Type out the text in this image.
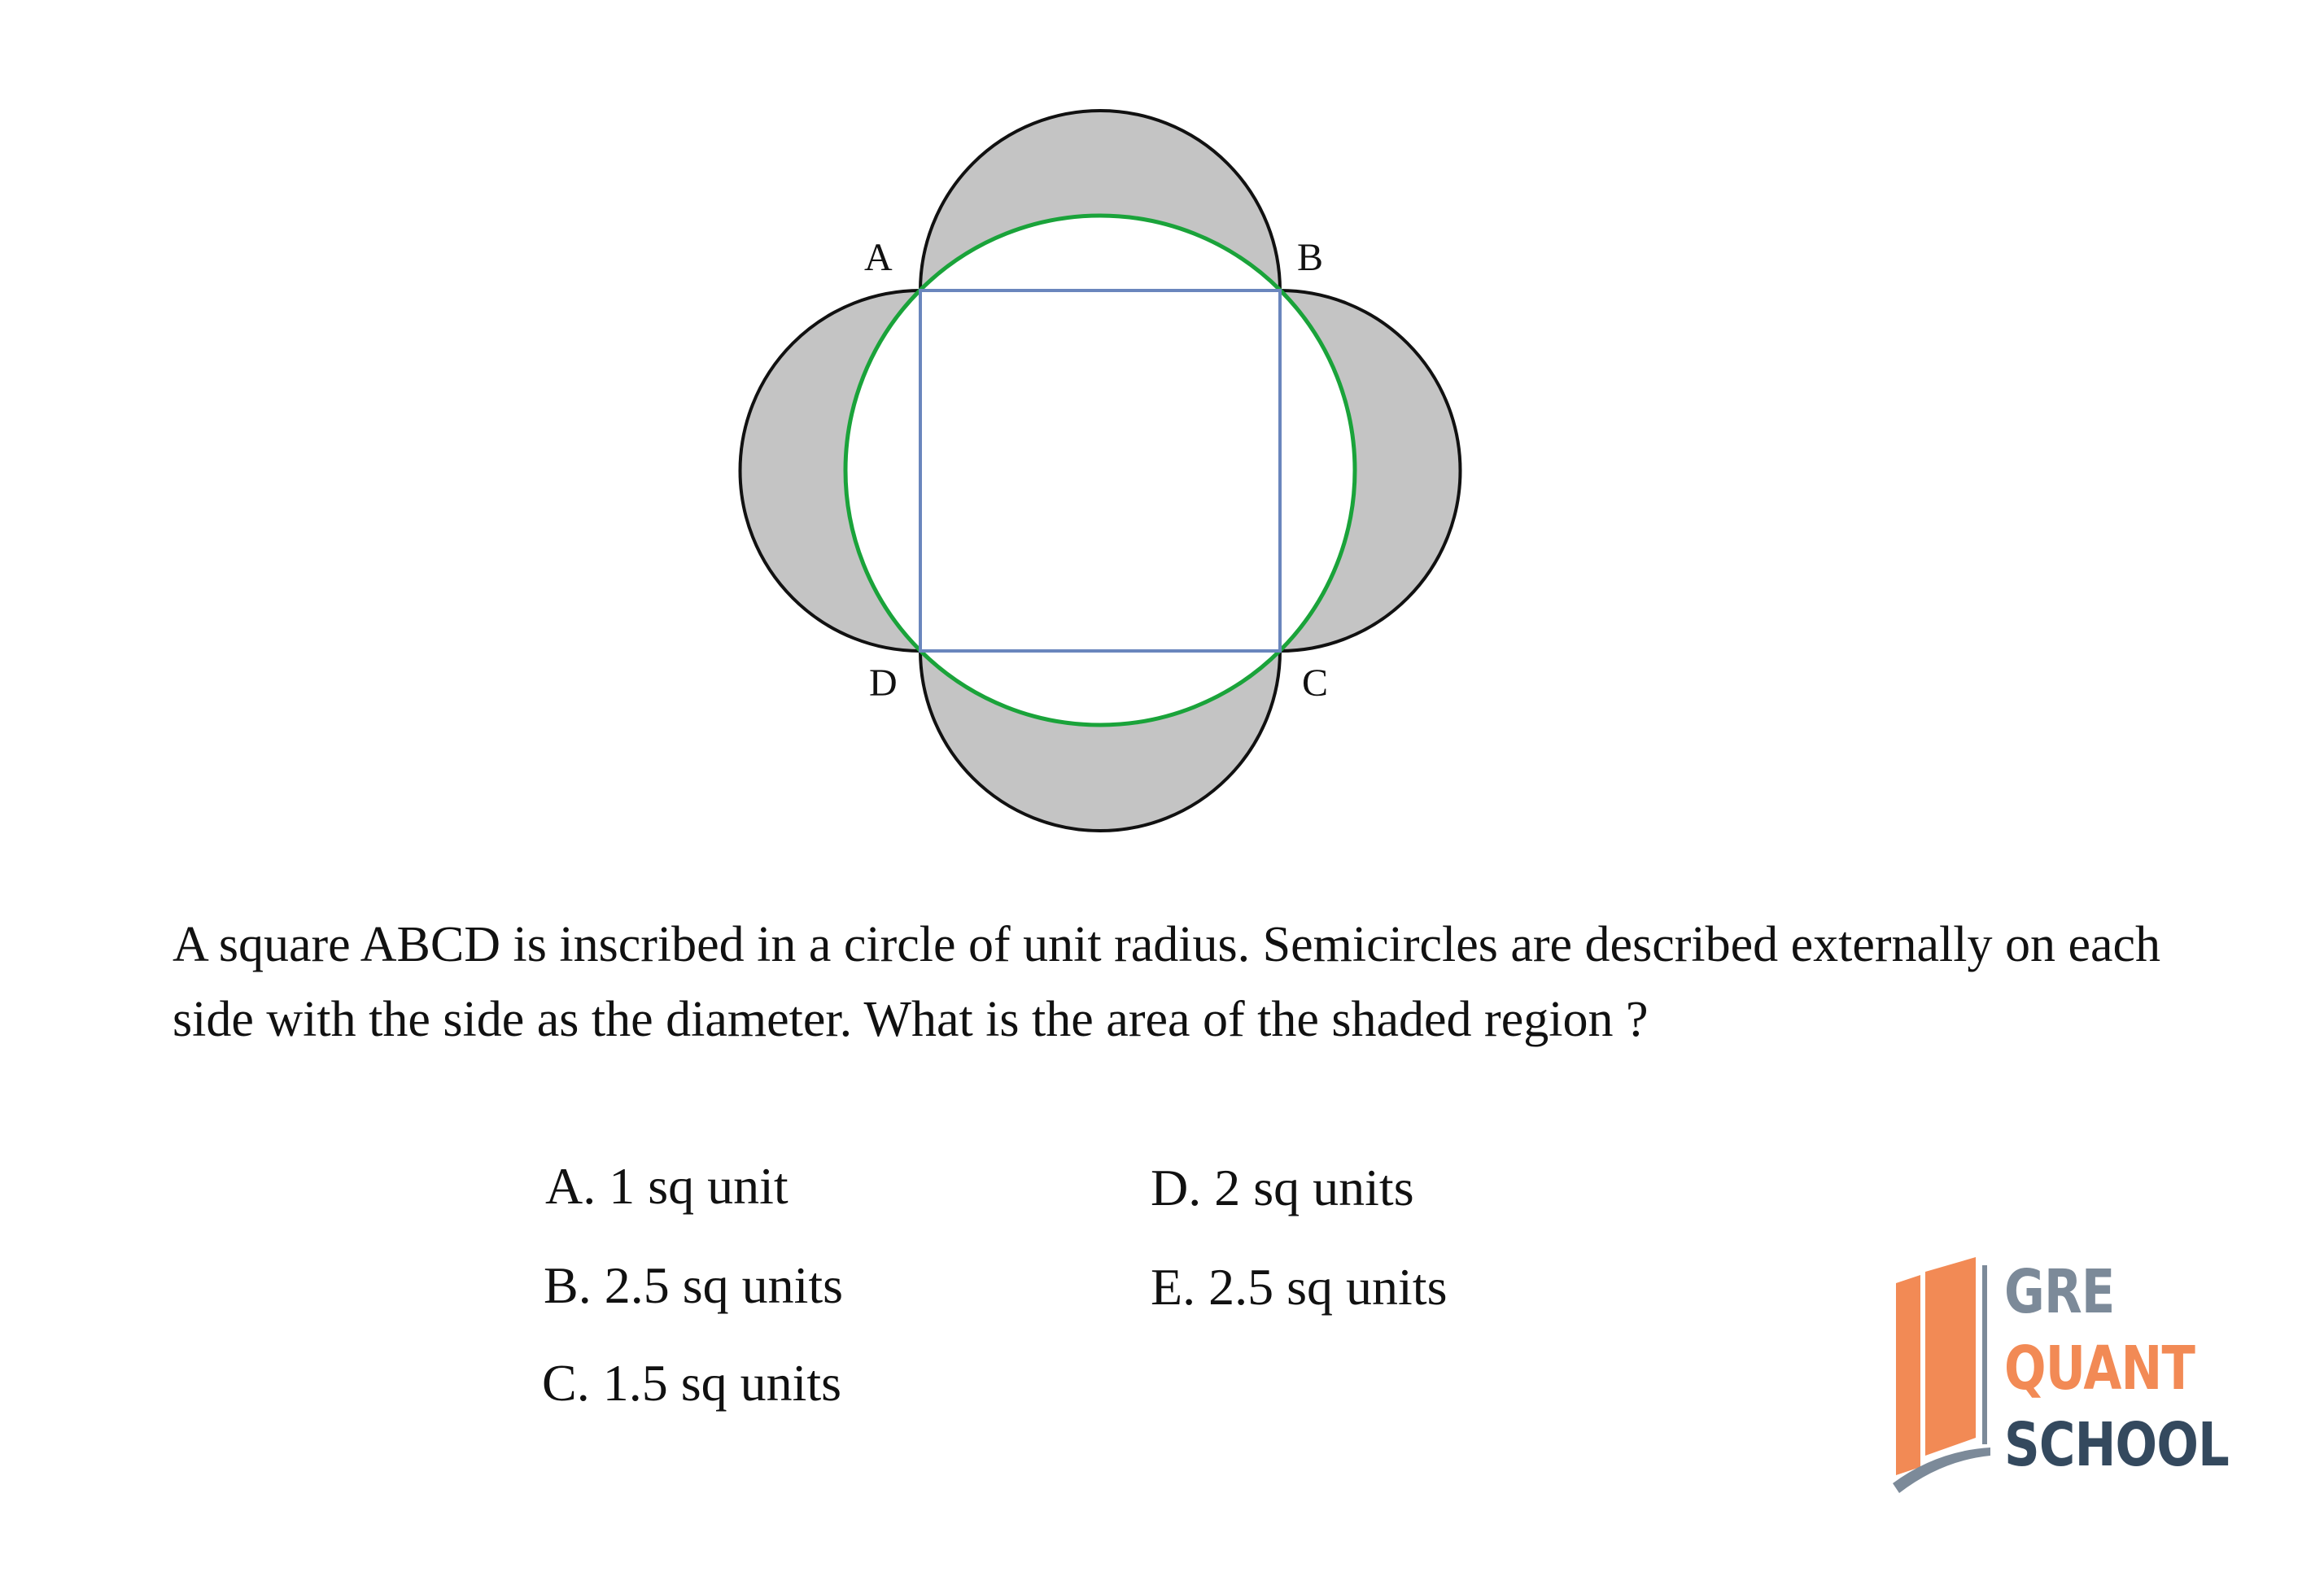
A	B
C
D

A square ABCD is inscribed in a circle of unit radius. Semicircles are described externally on each side with the side as the diameter. What is the area of the shaded region ?

A. 1 sq unit
B. 2.5 sq units
C. 1.5 sq units
D. 2 sq units
E. 2.5 sq units	GRE
QUANT
SCHOOL
